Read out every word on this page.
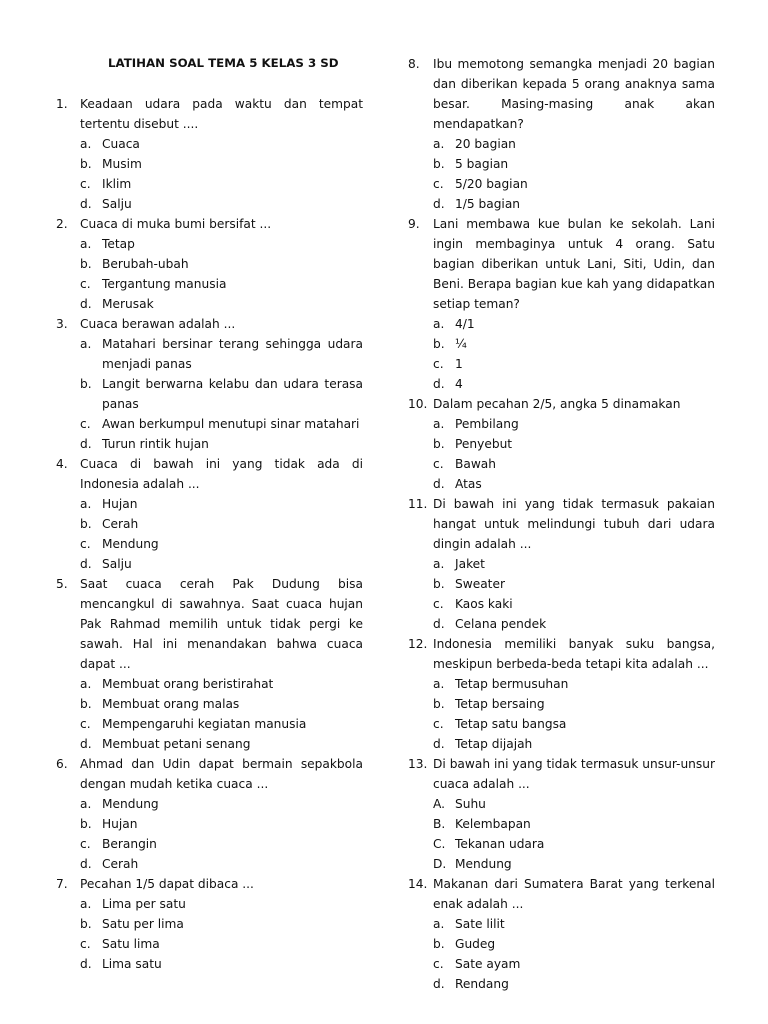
LATIHAN SOAL TEMA 5 KELAS 3 SD
1.	Keadaan udara pada waktu dan tempat tertentu disebut ....
a. Cuaca
b. Musim
c. Iklim
d. Salju
2.	Cuaca di muka bumi bersifat ...
a. Tetap
b. Berubah-ubah
c. Tergantung manusia
d. Merusak
3.	Cuaca berawan adalah ...
a. Matahari bersinar terang sehingga udara menjadi panas
b. Langit berwarna kelabu dan udara terasa panas
c. Awan berkumpul menutupi sinar matahari
d. Turun rintik hujan
4.	Cuaca di bawah ini yang tidak ada di Indonesia adalah ...
a. Hujan
b. Cerah
c. Mendung
d. Salju
5.	Saat cuaca cerah Pak Dudung bisa mencangkul di sawahnya. Saat cuaca hujan Pak Rahmad memilih untuk tidak pergi ke sawah. Hal ini menandakan bahwa cuaca dapat ...
a. Membuat orang beristirahat
b. Membuat orang malas
c. Mempengaruhi kegiatan manusia
d. Membuat petani senang
6.	Ahmad dan Udin dapat bermain sepakbola dengan mudah ketika cuaca ...
a. Mendung
b. Hujan
c. Berangin
d. Cerah
7.	Pecahan 1/5 dapat dibaca ...
a. Lima per satu
b. Satu per lima
c. Satu lima
d. Lima satu
8.	Ibu memotong semangka menjadi 20 bagian dan diberikan kepada 5 orang anaknya sama besar. Masing-masing anak akan mendapatkan?
a. 20 bagian
b. 5 bagian
c. 5/20 bagian
d. 1/5 bagian
9.	Lani membawa kue bulan ke sekolah. Lani ingin membaginya untuk 4 orang. Satu bagian diberikan untuk Lani, Siti, Udin, dan Beni. Berapa bagian kue kah yang didapatkan setiap teman?
a. 4/1
b. ¼
c. 1
d. 4
10. Dalam pecahan 2/5, angka 5 dinamakan
a. Pembilang
b. Penyebut
c. Bawah
d. Atas
11. Di bawah ini yang tidak termasuk pakaian hangat untuk melindungi tubuh dari udara dingin adalah ...
a. Jaket
b. Sweater
c. Kaos kaki
d. Celana pendek
12. Indonesia memiliki banyak suku bangsa, meskipun berbeda-beda tetapi kita adalah ...
a. Tetap bermusuhan
b. Tetap bersaing
c. Tetap satu bangsa
d. Tetap dijajah
13. Di bawah ini yang tidak termasuk unsur-unsur cuaca adalah ...
A. Suhu
B. Kelembapan
C. Tekanan udara
D. Mendung
14. Makanan dari Sumatera Barat yang terkenal enak adalah ...
a. Sate lilit
b. Gudeg
c. Sate ayam
d. Rendang
